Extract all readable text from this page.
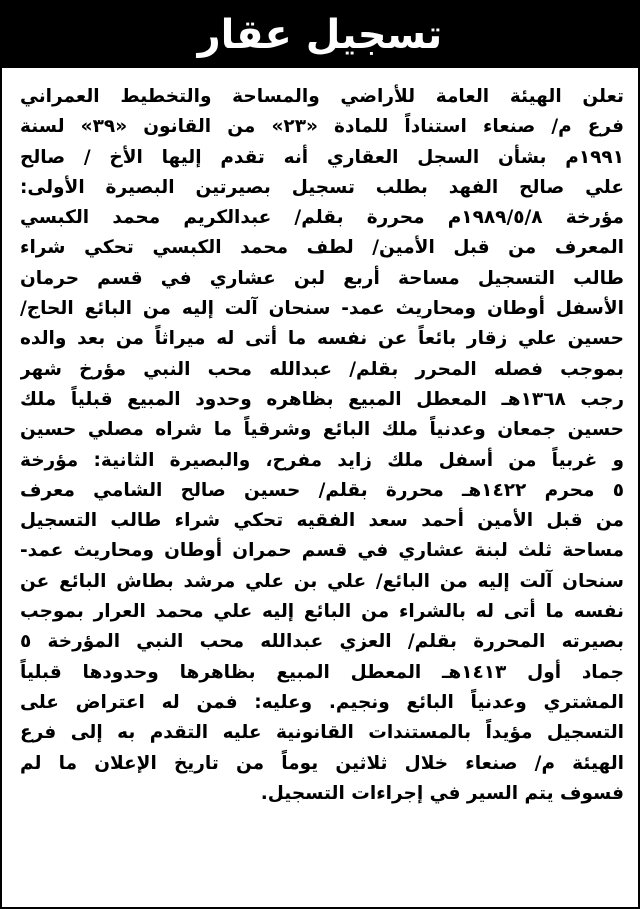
تسجيل عقار
تعلن الهيئة العامة للأراضي والمساحة والتخطيط العمراني
فرع م/ صنعاء استناداً للمادة «٢٣» من القانون «٣٩» لسنة
١٩٩١م بشأن السجل العقاري أنه تقدم إليها الأخ / صالح
علي صالح الفهد بطلب تسجيل بصيرتين البصيرة الأولى:
مؤرخة ١٩٨٩/٥/٨م محررة بقلم/ عبدالكريم محمد الكبسي
المعرف من قبل الأمين/ لطف محمد الكبسي تحكي شراء
طالب التسجيل مساحة أربع لبن عشاري في قسم حرمان
الأسفل أوطان ومحاريث عمد- سنحان آلت إليه من البائع الحاج/
حسين علي زقار بائعاً عن نفسه ما أتى له ميراثاً من بعد والده
بموجب فصله المحرر بقلم/ عبدالله محب النبي مؤرخ شهر
رجب ١٣٦٨هـ المعطل المبيع بظاهره وحدود المبيع قبلياً ملك
حسين جمعان وعدنياً ملك البائع وشرقياً ما شراه مصلي حسين
و غربياً من أسفل ملك زايد مفرح، والبصيرة الثانية: مؤرخة
٥ محرم ١٤٢٢هـ محررة بقلم/ حسين صالح الشامي معرف
من قبل الأمين أحمد سعد الفقيه تحكي شراء طالب التسجيل
مساحة ثلث لبنة عشاري في قسم حمران أوطان ومحاريث عمد-
سنحان آلت إليه من البائع/ علي بن علي مرشد بطاش البائع عن
نفسه ما أتى له بالشراء من البائع إليه علي محمد العرار بموجب
بصيرته المحررة بقلم/ العزي عبدالله محب النبي المؤرخة ٥
جماد أول ١٤١٣هـ المعطل المبيع بظاهرها وحدودها قبلياً
المشتري وعدنياً البائع ونجيم. وعليه: فمن له اعتراض على
التسجيل مؤيداً بالمستندات القانونية عليه التقدم به إلى فرع
الهيئة م/ صنعاء خلال ثلاثين يوماً من تاريخ الإعلان ما لم
فسوف يتم السير في إجراءات التسجيل.
